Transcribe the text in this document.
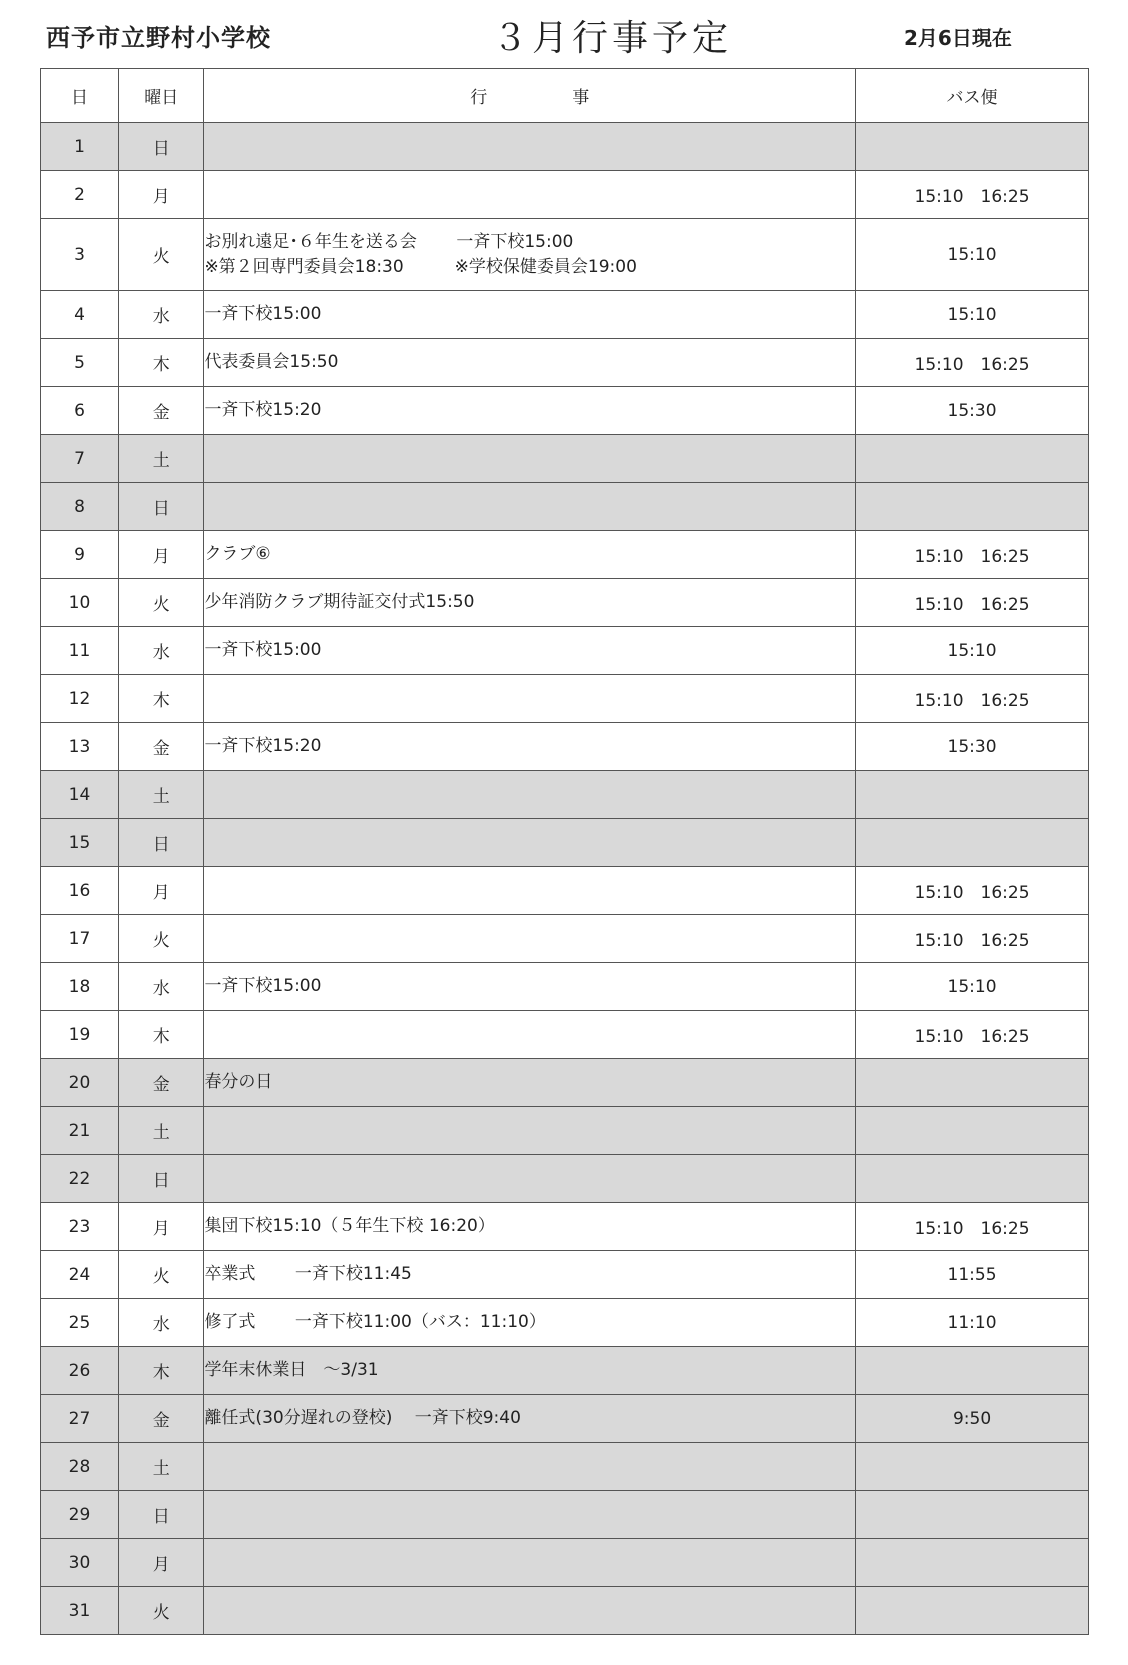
西予市立野村小学校	３月行事予定	2月6日現在
日	曜日	行　　　　　事	バス便
1	日		
2	月		15:10　16:25
3	火	お別れ遠足･６年生を送る会　　 一斉下校15:00
※第２回専門委員会18:30　　　※学校保健委員会19:00	15:10
4	水	一斉下校15:00	15:10
5	木	代表委員会15:50	15:10　16:25
6	金	一斉下校15:20	15:30
7	土		
8	日		
9	月	クラブ⑥	15:10　16:25
10	火	少年消防クラブ期待証交付式15:50	15:10　16:25
11	水	一斉下校15:00	15:10
12	木		15:10　16:25
13	金	一斉下校15:20	15:30
14	土		
15	日		
16	月		15:10　16:25
17	火		15:10　16:25
18	水	一斉下校15:00	15:10
19	木		15:10　16:25
20	金	春分の日	
21	土		
22	日		
23	月	集団下校15:10（５年生下校 16:20）	15:10　16:25
24	火	卒業式　　 一斉下校11:45	11:55
25	水	修了式　　 一斉下校11:00（バス：11:10）	11:10
26	木	学年末休業日　～3/31	
27	金	離任式(30分遅れの登校)　 一斉下校9:40	9:50
28	土		
29	日		
30	月		
31	火		
